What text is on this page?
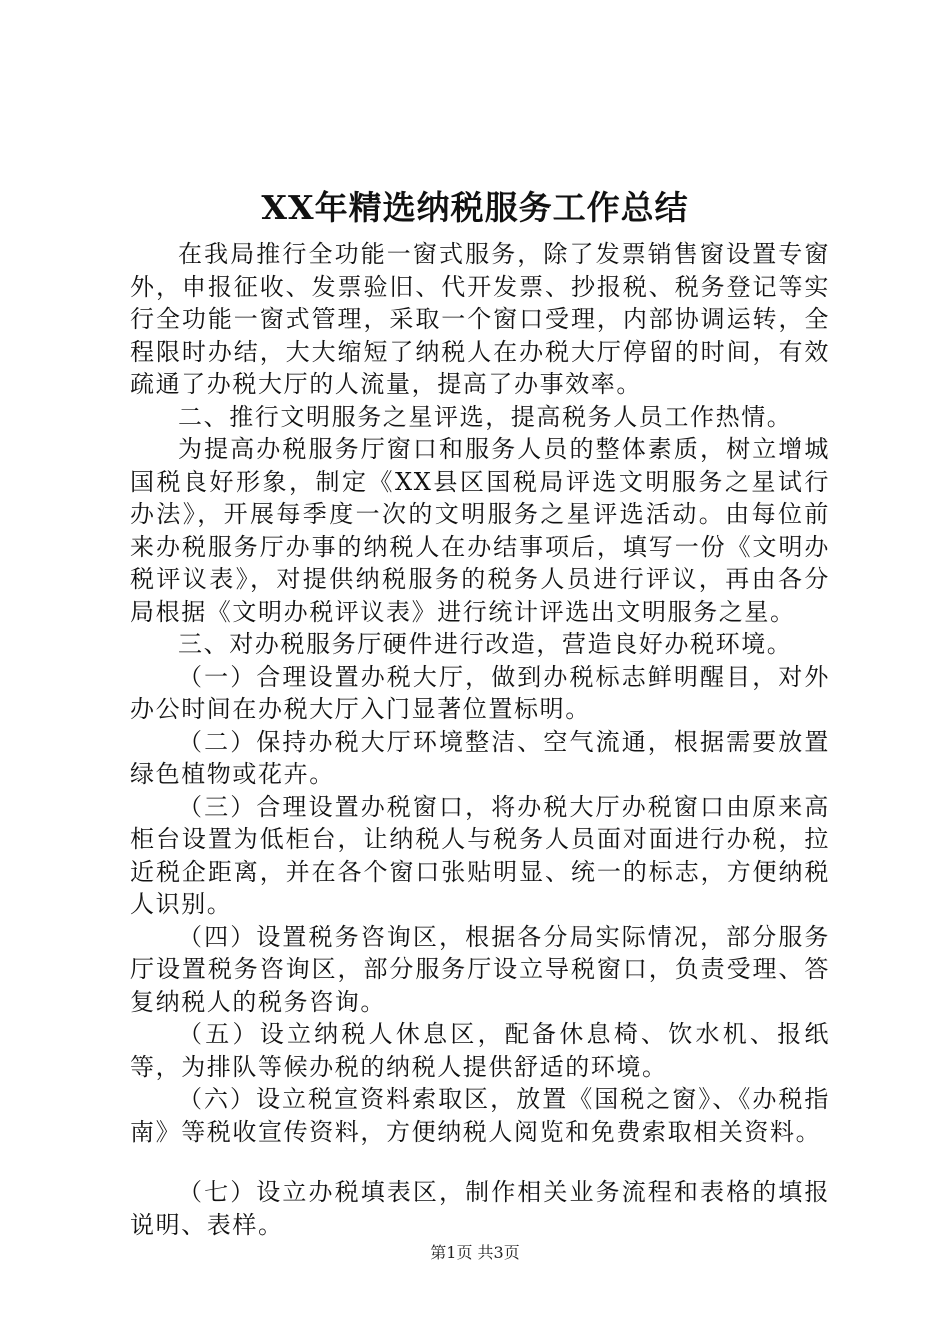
XX年精选纳税服务工作总结

在我局推行全功能一窗式服务，除了发票销售窗设置专窗外，申报征收、发票验旧、代开发票、抄报税、税务登记等实行全功能一窗式管理，采取一个窗口受理，内部协调运转，全程限时办结，大大缩短了纳税人在办税大厅停留的时间，有效疏通了办税大厅的人流量，提高了办事效率。

二、推行文明服务之星评选，提高税务人员工作热情。

为提高办税服务厅窗口和服务人员的整体素质，树立增城国税良好形象，制定《XX县区国税局评选文明服务之星试行办法》，开展每季度一次的文明服务之星评选活动。由每位前来办税服务厅办事的纳税人在办结事项后，填写一份《文明办税评议表》，对提供纳税服务的税务人员进行评议，再由各分局根据《文明办税评议表》进行统计评选出文明服务之星。

三、对办税服务厅硬件进行改造，营造良好办税环境。

（一）合理设置办税大厅，做到办税标志鲜明醒目，对外办公时间在办税大厅入门显著位置标明。

（二）保持办税大厅环境整洁、空气流通，根据需要放置绿色植物或花卉。

（三）合理设置办税窗口，将办税大厅办税窗口由原来高柜台设置为低柜台，让纳税人与税务人员面对面进行办税，拉近税企距离，并在各个窗口张贴明显、统一的标志，方便纳税人识别。

（四）设置税务咨询区，根据各分局实际情况，部分服务厅设置税务咨询区，部分服务厅设立导税窗口，负责受理、答复纳税人的税务咨询。

（五）设立纳税人休息区，配备休息椅、饮水机、报纸等，为排队等候办税的纳税人提供舒适的环境。

（六）设立税宣资料索取区，放置《国税之窗》、《办税指南》等税收宣传资料，方便纳税人阅览和免费索取相关资料。

（七）设立办税填表区，制作相关业务流程和表格的填报说明、表样。

第1页 共3页
